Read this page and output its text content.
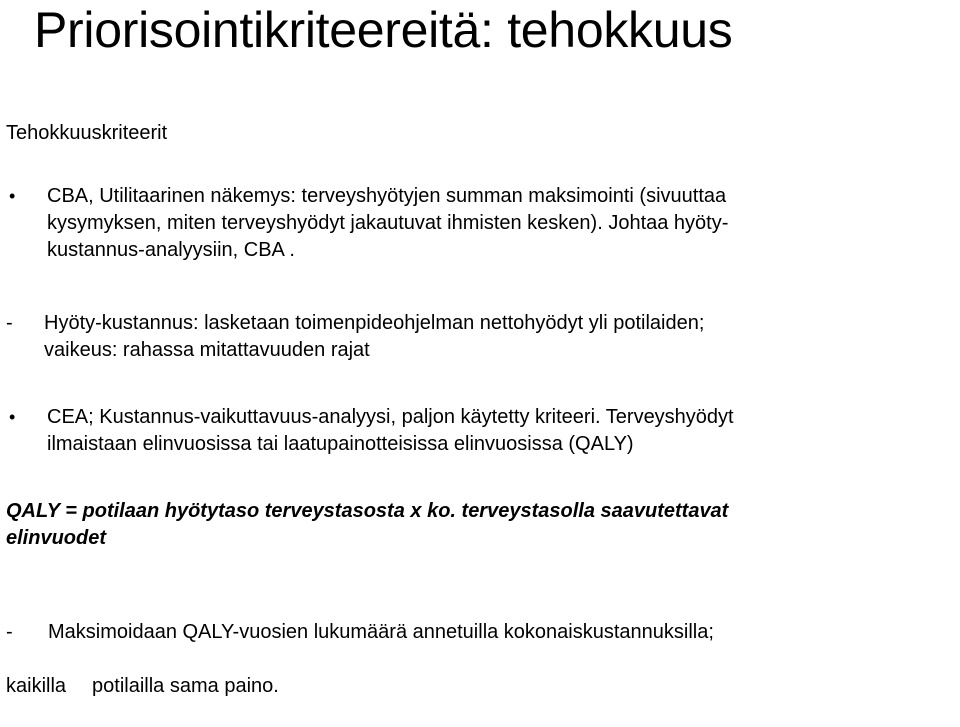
Priorisointikriteereitä: tehokkuus
Tehokkuuskriteerit
•	CBA, Utilitaarinen näkemys: terveyshyötyjen summan maksimointi (sivuuttaa
kysymyksen, miten terveyshyödyt jakautuvat ihmisten kesken). Johtaa hyöty-
kustannus-analyysiin, CBA .
-	Hyöty-kustannus: lasketaan toimenpideohjelman nettohyödyt yli potilaiden;
vaikeus: rahassa mitattavuuden rajat
•	CEA; Kustannus-vaikuttavuus-analyysi, paljon käytetty kriteeri. Terveyshyödyt
ilmaistaan elinvuosissa tai laatupainotteisissa elinvuosissa (QALY)
QALY = potilaan hyötytaso terveystasosta x ko. terveystasolla saavutettavat
elinvuodet

- Maksimoidaan QALY-vuosien lukumäärä annetuilla kokonaiskustannuksilla;

kaikilla potilailla sama paino.
